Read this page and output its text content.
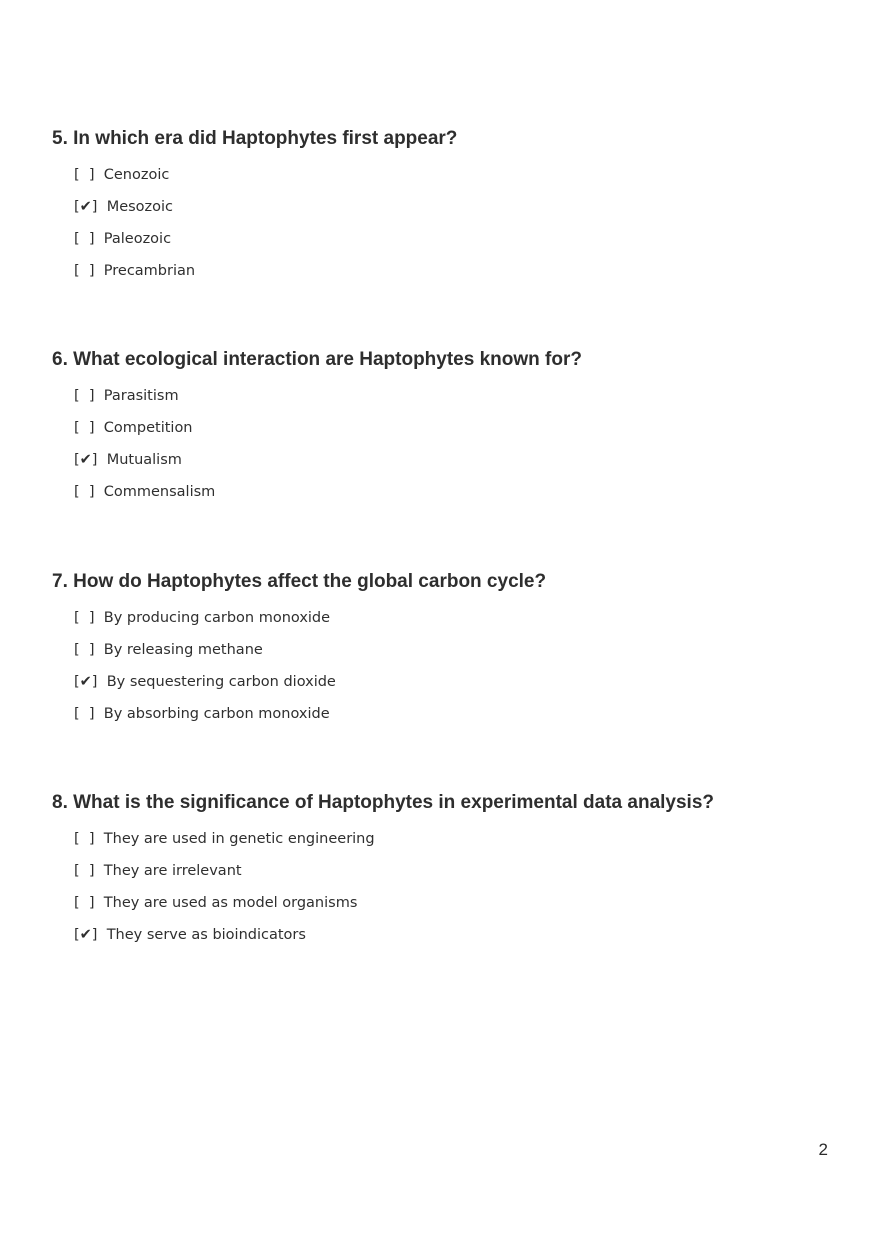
5. In which era did Haptophytes first appear?
[  ] Cenozoic
[✔] Mesozoic
[  ] Paleozoic
[  ] Precambrian
6. What ecological interaction are Haptophytes known for?
[  ] Parasitism
[  ] Competition
[✔] Mutualism
[  ] Commensalism
7. How do Haptophytes affect the global carbon cycle?
[  ] By producing carbon monoxide
[  ] By releasing methane
[✔] By sequestering carbon dioxide
[  ] By absorbing carbon monoxide
8. What is the significance of Haptophytes in experimental data analysis?
[  ] They are used in genetic engineering
[  ] They are irrelevant
[  ] They are used as model organisms
[✔] They serve as bioindicators
2
